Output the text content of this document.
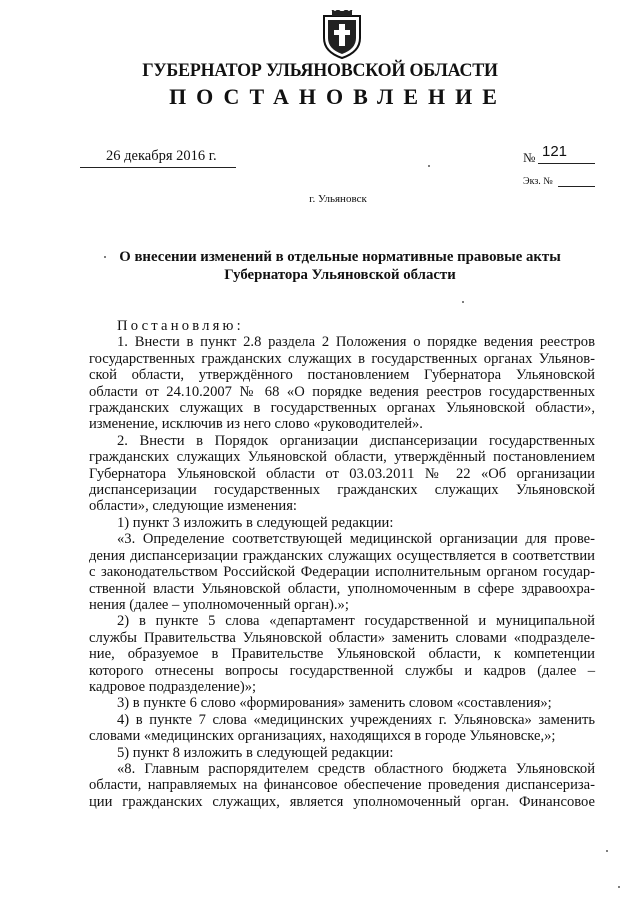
ГУБЕРНАТОР УЛЬЯНОВСКОЙ ОБЛАСТИ
ПОСТАНОВЛЕНИЕ
26 декабря 2016 г.	№ 121
Экз. №
г. Ульяновск
О внесении изменений в отдельные нормативные правовые акты
Губернатора Ульяновской области
Постановляю:
1. Внести в пункт 2.8 раздела 2 Положения о порядке ведения реестров
государственных гражданских служащих в государственных органах Ульянов-
ской области, утверждённого постановлением Губернатора Ульяновской
области от 24.10.2007 № 68 «О порядке ведения реестров государственных
гражданских служащих в государственных органах Ульяновской области»,
изменение, исключив из него слово «руководителей».
2. Внести в Порядок организации диспансеризации государственных
гражданских служащих Ульяновской области, утверждённый постановлением
Губернатора Ульяновской области от 03.03.2011 № 22 «Об организации
диспансеризации государственных гражданских служащих Ульяновской
области», следующие изменения:
1) пункт 3 изложить в следующей редакции:
«3. Определение соответствующей медицинской организации для прове-
дения диспансеризации гражданских служащих осуществляется в соответствии
с законодательством Российской Федерации исполнительным органом государ-
ственной власти Ульяновской области, уполномоченным в сфере здравоохра-
нения (далее – уполномоченный орган).»;
2) в пункте 5 слова «департамент государственной и муниципальной
службы Правительства Ульяновской области» заменить словами «подразделе-
ние, образуемое в Правительстве Ульяновской области, к компетенции
которого отнесены вопросы государственной службы и кадров (далее –
кадровое подразделение)»;
3) в пункте 6 слово «формирования» заменить словом «составления»;
4) в пункте 7 слова «медицинских учреждениях г. Ульяновска» заменить
словами «медицинских организациях, находящихся в городе Ульяновске,»;
5) пункт 8 изложить в следующей редакции:
«8. Главным распорядителем средств областного бюджета Ульяновской
области, направляемых на финансовое обеспечение проведения диспансериза-
ции гражданских служащих, является уполномоченный орган. Финансовое
